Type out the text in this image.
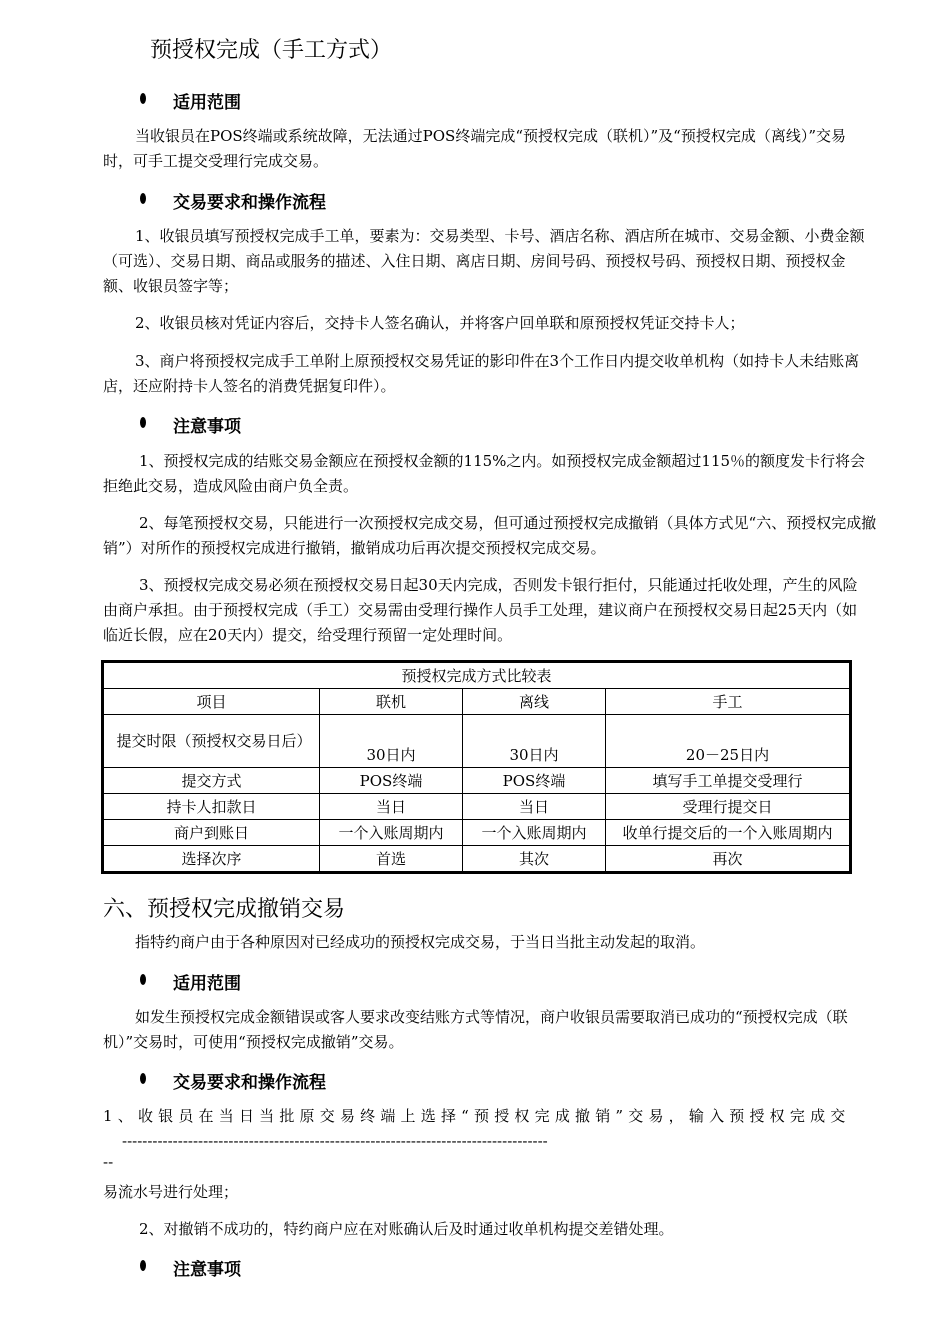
预授权完成（手工方式）
适用范围
当收银员在POS终端或系统故障，无法通过POS终端完成“预授权完成（联机）”及“预授权完成（离线）”交易时，可手工提交受理行完成交易。
交易要求和操作流程
1、收银员填写预授权完成手工单，要素为：交易类型、卡号、酒店名称、酒店所在城市、交易金额、小费金额（可选）、交易日期、商品或服务的描述、入住日期、离店日期、房间号码、预授权号码、预授权日期、预授权金额、收银员签字等；
2、收银员核对凭证内容后，交持卡人签名确认，并将客户回单联和原预授权凭证交持卡人；
3、商户将预授权完成手工单附上原预授权交易凭证的影印件在3个工作日内提交收单机构（如持卡人未结账离店，还应附持卡人签名的消费凭据复印件）。
注意事项
1、预授权完成的结账交易金额应在预授权金额的115%之内。如预授权完成金额超过115％的额度发卡行将会拒绝此交易，造成风险由商户负全责。
2、每笔预授权交易，只能进行一次预授权完成交易，但可通过预授权完成撤销（具体方式见“六、预授权完成撤销”）对所作的预授权完成进行撤销，撤销成功后再次提交预授权完成交易。
3、预授权完成交易必须在预授权交易日起30天内完成，否则发卡银行拒付，只能通过托收处理，产生的风险由商户承担。由于预授权完成（手工）交易需由受理行操作人员手工处理，建议商户在预授权交易日起25天内（如临近长假，应在20天内）提交，给受理行预留一定处理时间。
预授权完成方式比较表			
项目	联机	离线	手工
提交时限（预授权交易日后）	30日内	30日内	20－25日内
提交方式	POS终端	POS终端	填写手工单提交受理行
持卡人扣款日	当日	当日	受理行提交日
商户到账日	一个入账周期内	一个入账周期内	收单行提交后的一个入账周期内
选择次序	首选	其次	再次
六、预授权完成撤销交易
指特约商户由于各种原因对已经成功的预授权完成交易，于当日当批主动发起的取消。
适用范围
如发生预授权完成金额错误或客人要求改变结账方式等情况，商户收银员需要取消已成功的“预授权完成（联机）”交易时，可使用“预授权完成撤销”交易。
交易要求和操作流程
1、收银员在当日当批原交易终端上选择“预授权完成撤销”交易，输入预授权完成交
------------------------------------------------------------------------------------
--
易流水号进行处理；
2、对撤销不成功的，特约商户应在对账确认后及时通过收单机构提交差错处理。
注意事项
